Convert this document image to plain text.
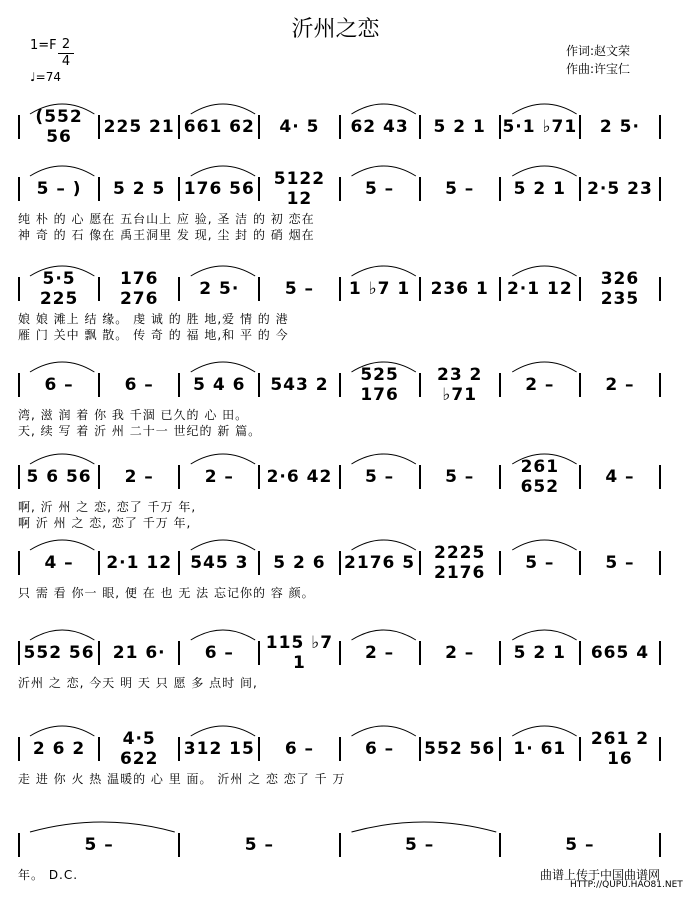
沂州之恋
1=F 2
4
♩=74
作词:赵文荣
作曲:许宝仁
(552 56	225 21 661 62	4· 5	62 43	5 2 1 5·1 ♭71	2 5·
5 – )	5 2 5	176 56	5122 12	5 –	5 –	5 2 1	2·5 23
纯 朴 的 心 愿在 五台山上 应 验, 圣 洁 的 初 恋在
神 奇 的 石 像在 禹王洞里 发 现, 尘 封 的 硝 烟在
5·5 225
176 276	2 5·	5 –	1 ♭7 1	236 1	2·1 12	326 235
娘 娘 滩上 结 缘。 虔 诚 的 胜 地,爱 情 的 港
雁 门 关中 飘 散。 传 奇 的 福 地,和 平 的 今
6 –	6 –	5 4 6	543 2	525 176
23 2 ♭71	2 –	2 –
湾, 滋 润 着 你 我 千涸 已久的 心 田。
天, 续 写 着 沂 州 二十一 世纪的 新 篇。
5 6 56	2 –	2 –	2·6 42	5 –	5 –	261 652	4 –
啊, 沂 州 之 恋, 恋了 千万 年,
啊 沂 州 之 恋, 恋了 千万 年,
4 –	2·1 12	545 3	5 2 6	2176 5	2225 2176	5 –	5 –
只 需 看 你一 眼, 便 在 也 无 法 忘记你的 容 颜。
552 56	21 6·	6 –	115 ♭7 1	2 –	2 –	5 2 1	665 4
沂州 之 恋, 今天 明 天 只 愿 多 点时 间,
2 6 2	4·5 622	312 15	6 –	6 –	552 56	1· 61	261 2 16
走 进 你 火 热 温暖的 心 里 面。 沂州 之 恋 恋了 千 万
5 –	5 –	5 –	5 –
年。 D.C.	曲谱上传于中国曲谱网
HTTP://QUPU.HAO81.NET
